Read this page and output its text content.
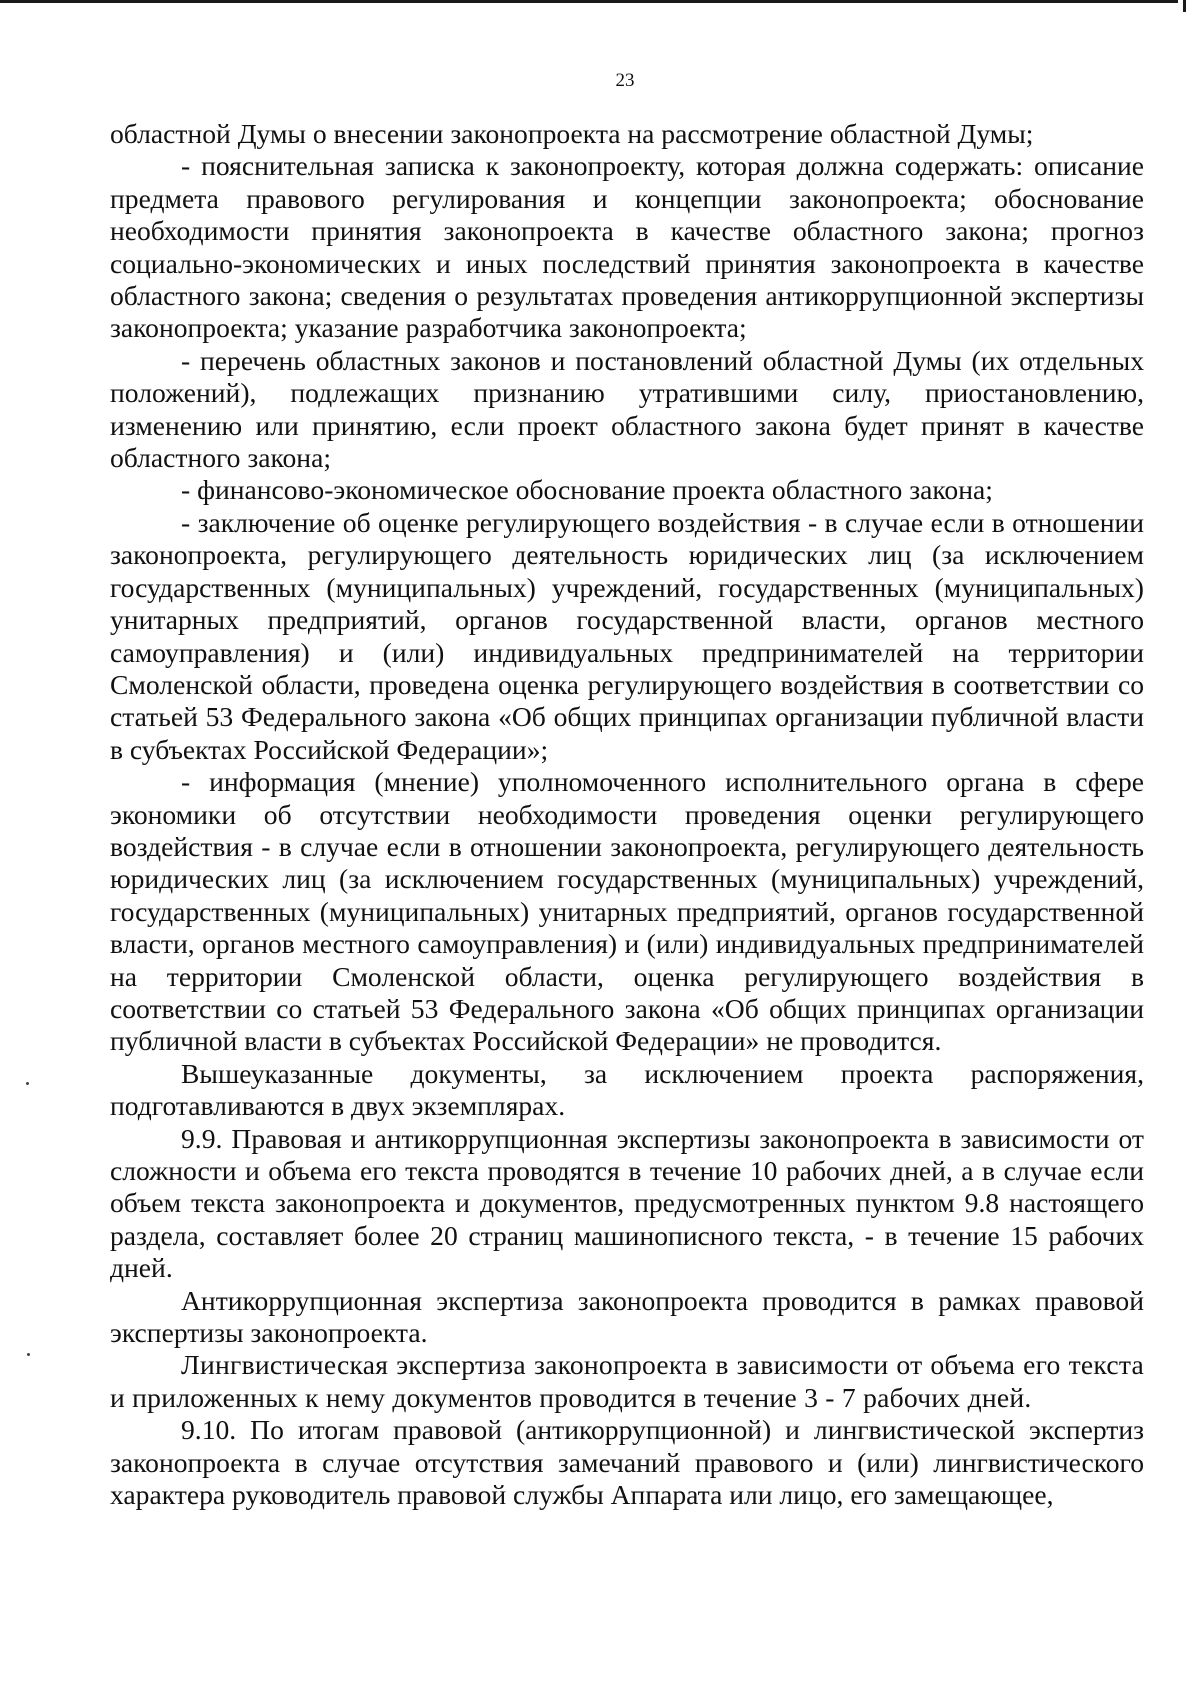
23

областной Думы о внесении законопроекта на рассмотрение областной Думы;

- пояснительная записка к законопроекту, которая должна содержать: описание предмета правового регулирования и концепции законопроекта; обоснование необходимости принятия законопроекта в качестве областного закона; прогноз социально-экономических и иных последствий принятия законопроекта в качестве областного закона; сведения о результатах проведения антикоррупционной экспертизы законопроекта; указание разработчика законопроекта;

- перечень областных законов и постановлений областной Думы (их отдельных положений), подлежащих признанию утратившими силу, приостановлению, изменению или принятию, если проект областного закона будет принят в качестве областного закона;

- финансово-экономическое обоснование проекта областного закона;

- заключение об оценке регулирующего воздействия - в случае если в отношении законопроекта, регулирующего деятельность юридических лиц (за исключением государственных (муниципальных) учреждений, государственных (муниципальных) унитарных предприятий, органов государственной власти, органов местного самоуправления) и (или) индивидуальных предпринимателей на территории Смоленской области, проведена оценка регулирующего воздействия в соответствии со статьей 53 Федерального закона «Об общих принципах организации публичной власти в субъектах Российской Федерации»;

- информация (мнение) уполномоченного исполнительного органа в сфере экономики об отсутствии необходимости проведения оценки регулирующего воздействия - в случае если в отношении законопроекта, регулирующего деятельность юридических лиц (за исключением государственных (муниципальных) учреждений, государственных (муниципальных) унитарных предприятий, органов государственной власти, органов местного самоуправления) и (или) индивидуальных предпринимателей на территории Смоленской области, оценка регулирующего воздействия в соответствии со статьей 53 Федерального закона «Об общих принципах организации публичной власти в субъектах Российской Федерации» не проводится.

Вышеуказанные документы, за исключением проекта распоряжения, подготавливаются в двух экземплярах.

9.9. Правовая и антикоррупционная экспертизы законопроекта в зависимости от сложности и объема его текста проводятся в течение 10 рабочих дней, а в случае если объем текста законопроекта и документов, предусмотренных пунктом 9.8 настоящего раздела, составляет более 20 страниц машинописного текста, - в течение 15 рабочих дней.

Антикоррупционная экспертиза законопроекта проводится в рамках правовой экспертизы законопроекта.

Лингвистическая экспертиза законопроекта в зависимости от объема его текста и приложенных к нему документов проводится в течение 3 - 7 рабочих дней.

9.10. По итогам правовой (антикоррупционной) и лингвистической экспертиз законопроекта в случае отсутствия замечаний правового и (или) лингвистического характера руководитель правовой службы Аппарата или лицо, его замещающее,
